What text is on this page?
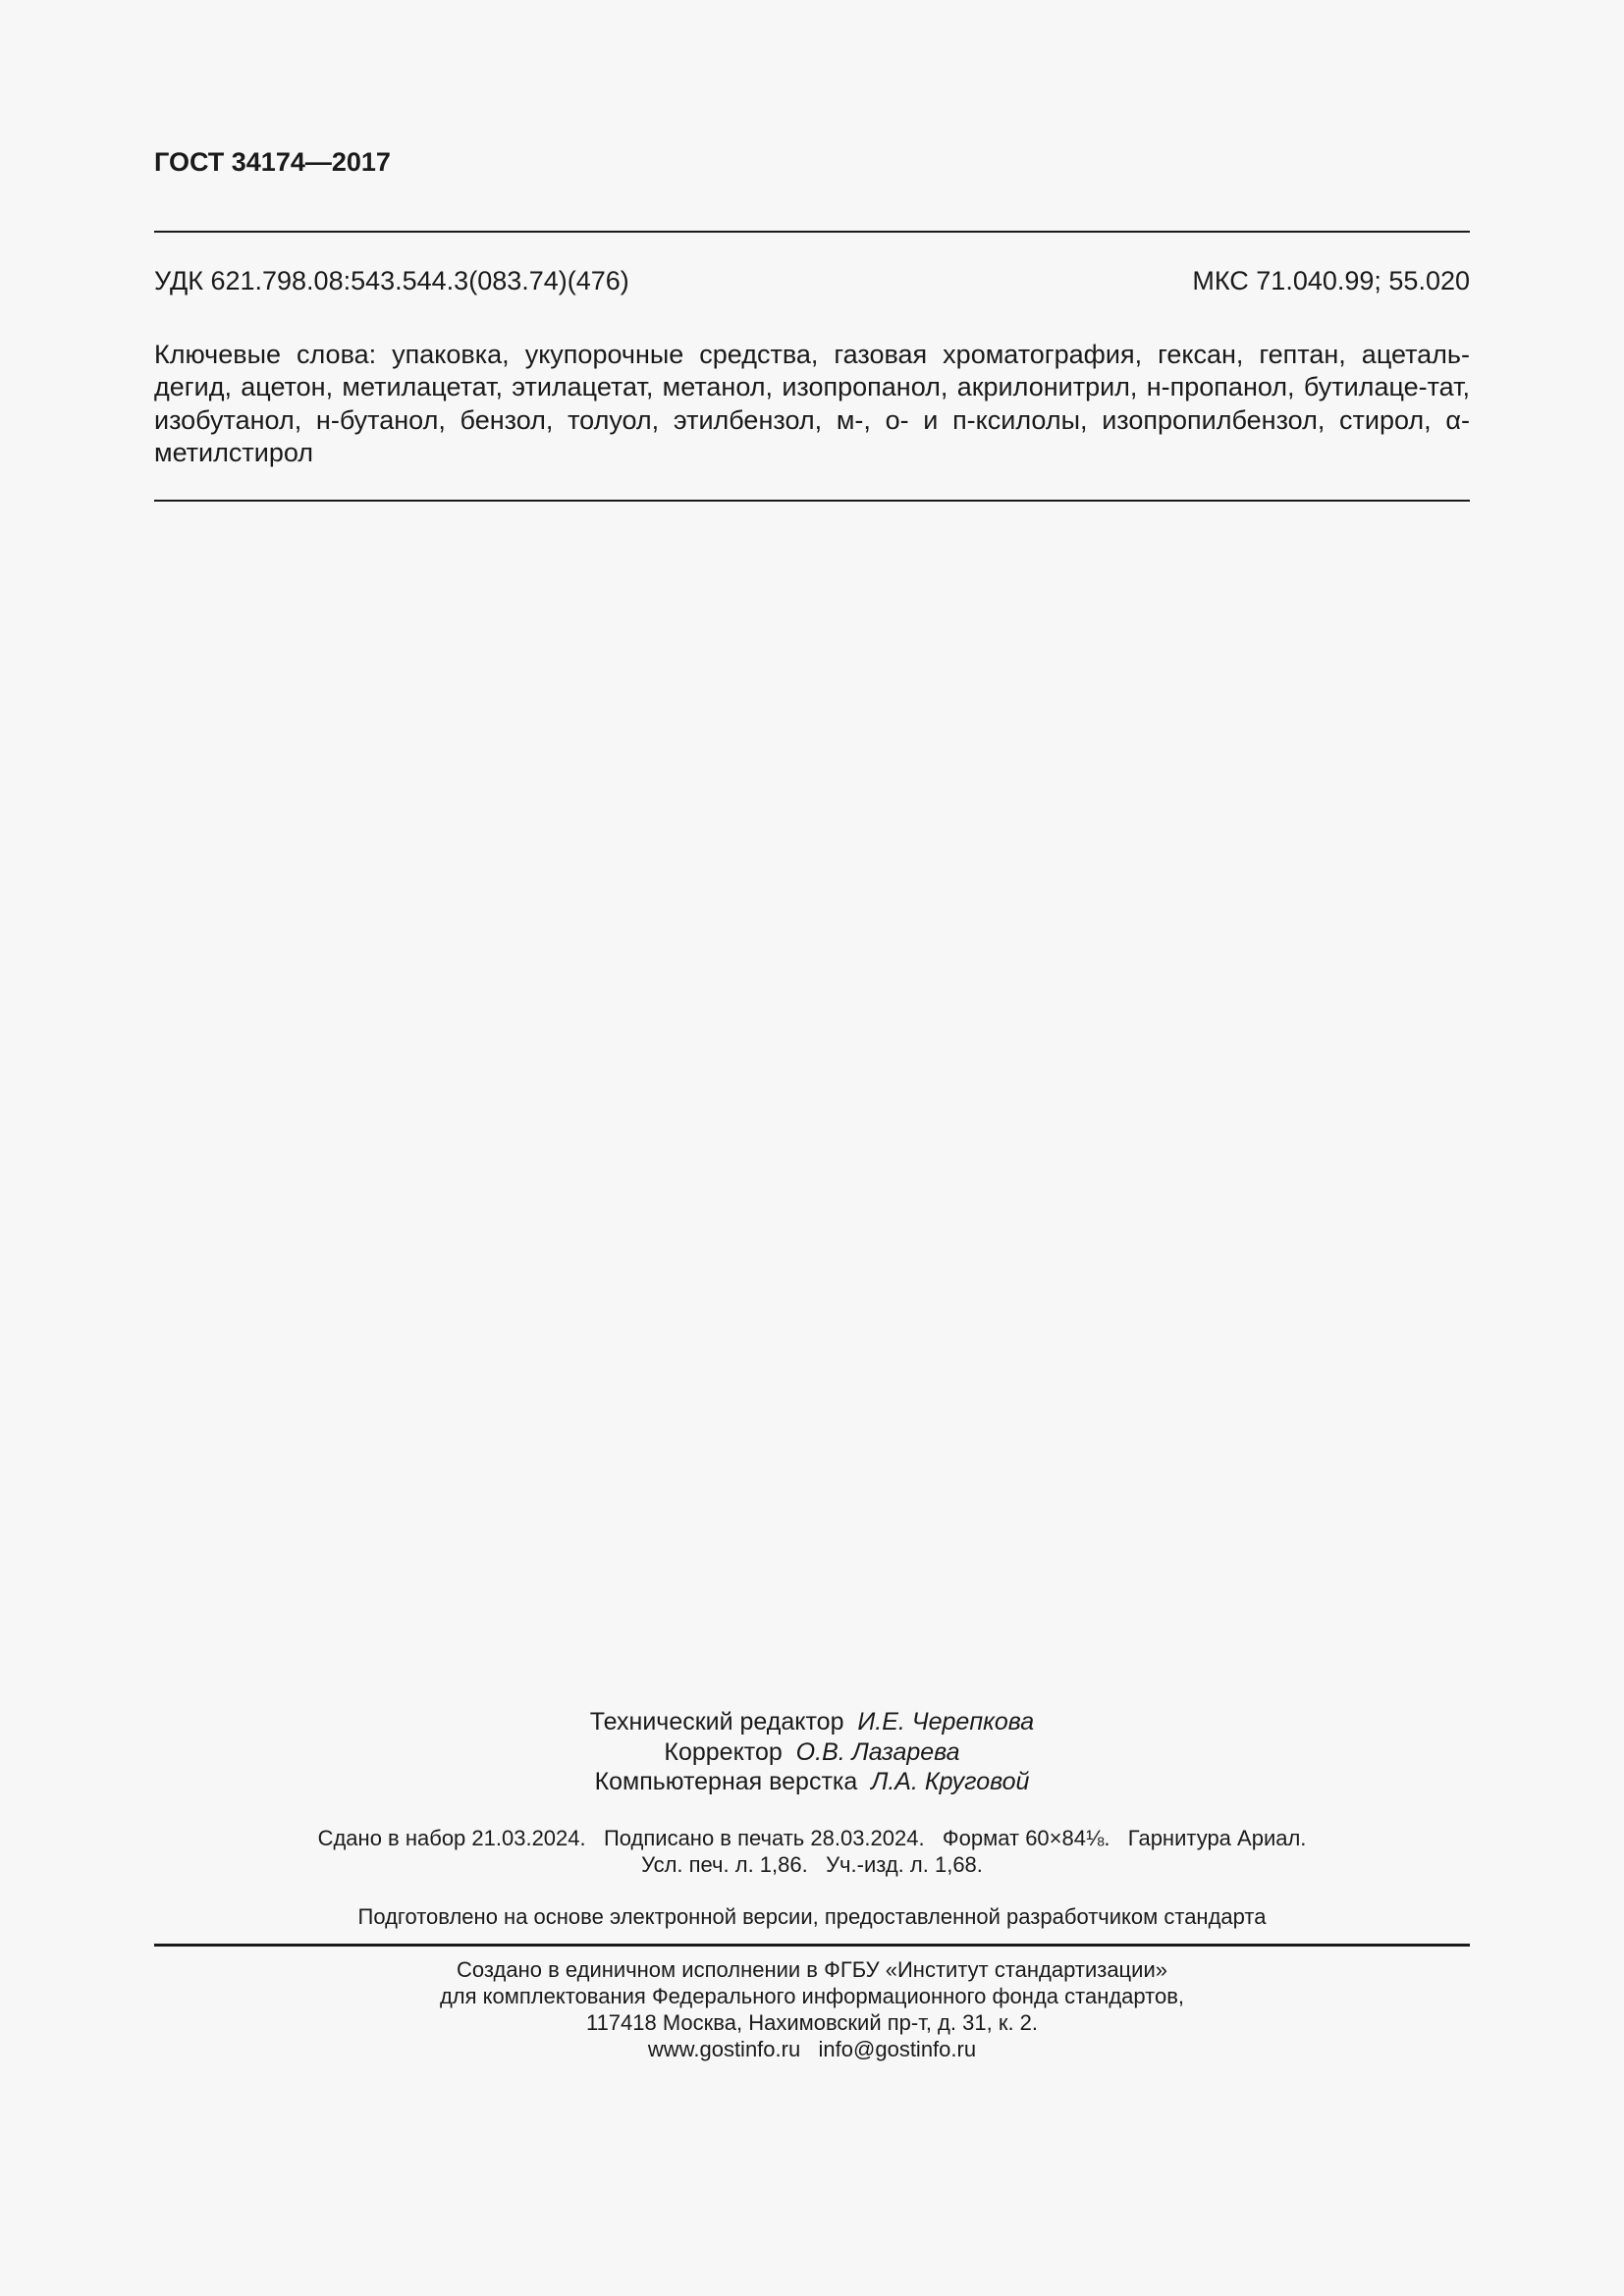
ГОСТ 34174—2017
УДК 621.798.08:543.544.3(083.74)(476)	МКС 71.040.99; 55.020
Ключевые слова: упаковка, укупорочные средства, газовая хроматография, гексан, гептан, ацеталь-дегид, ацетон, метилацетат, этилацетат, метанол, изопропанол, акрилонитрил, н-пропанол, бутилаце-тат, изобутанол, н-бутанол, бензол, толуол, этилбензол, м-, о- и п-ксилолы, изопропилбензол, стирол, α-метилстирол
Технический редактор И.Е. Черепкова
Корректор О.В. Лазарева
Компьютерная верстка Л.А. Круговой
Сдано в набор 21.03.2024.   Подписано в печать 28.03.2024.   Формат 60×84⅛.   Гарнитура Ариал.
Усл. печ. л. 1,86.   Уч.-изд. л. 1,68.
Подготовлено на основе электронной версии, предоставленной разработчиком стандарта
Создано в единичном исполнении в ФГБУ «Институт стандартизации»
для комплектования Федерального информационного фонда стандартов,
117418 Москва, Нахимовский пр-т, д. 31, к. 2.
www.gostinfo.ru info@gostinfo.ru
